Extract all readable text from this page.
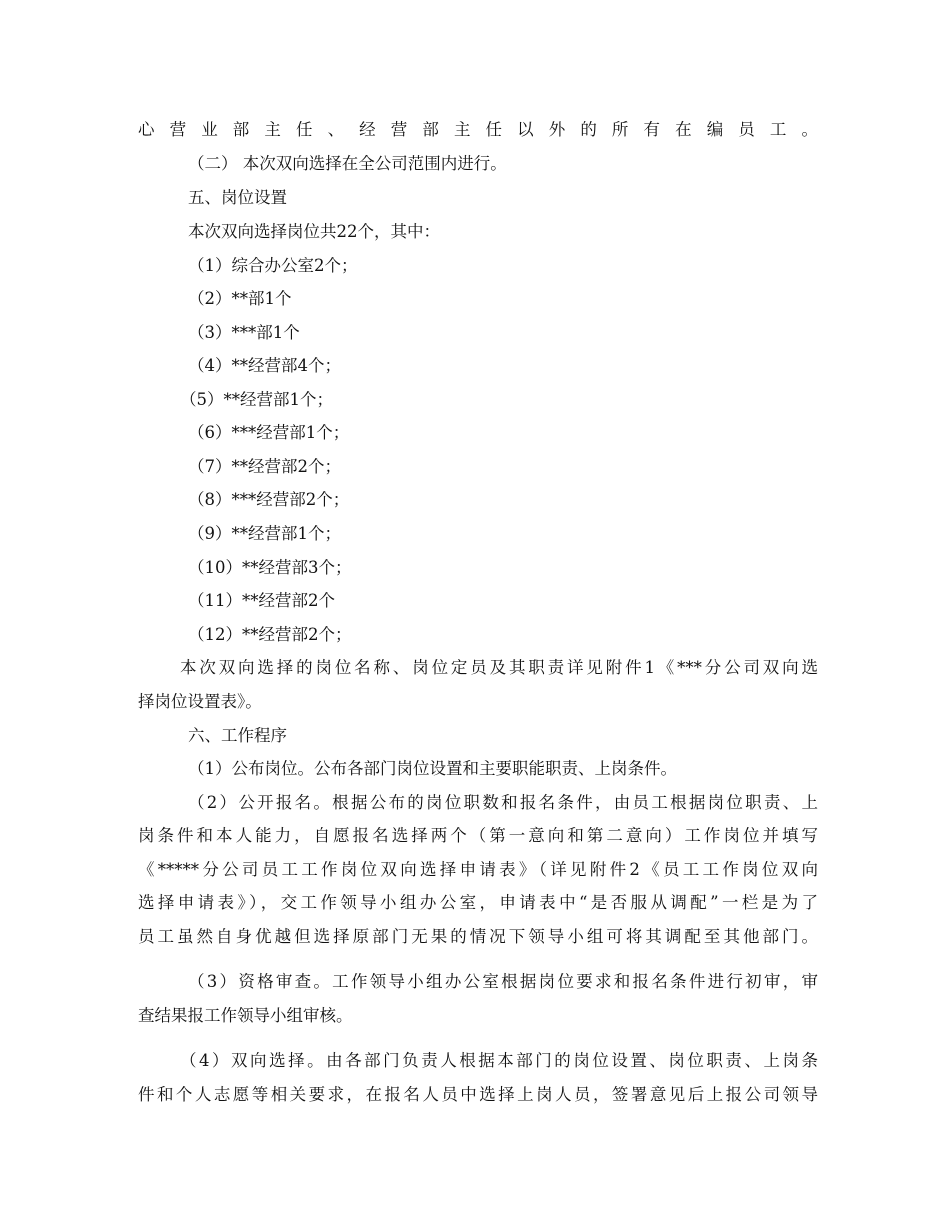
心营业部主任、经营部主任以外的所有在编员工。
（二） 本次双向选择在全公司范围内进行。
五、岗位设置
本次双向选择岗位共22个，其中：
（1）综合办公室2个；
（2）**部1个
（3）***部1个
（4）**经营部4个；
（5）**经营部1个；
（6）***经营部1个；
（7）**经营部2个；
（8）***经营部2个；
（9）**经营部1个；
（10）**经营部3个；
（11）**经营部2个
（12）**经营部2个；
本次双向选择的岗位名称、岗位定员及其职责详见附件1《***分公司双向选
择岗位设置表》。
六、工作程序
（1）公布岗位。公布各部门岗位设置和主要职能职责、上岗条件。
（2）公开报名。根据公布的岗位职数和报名条件，由员工根据岗位职责、上
岗条件和本人能力，自愿报名选择两个（第一意向和第二意向）工作岗位并填写
《*****分公司员工工作岗位双向选择申请表》（详见附件2《员工工作岗位双向
选择申请表》），交工作领导小组办公室，申请表中“是否服从调配”一栏是为了
员工虽然自身优越但选择原部门无果的情况下领导小组可将其调配至其他部门。
（3）资格审查。工作领导小组办公室根据岗位要求和报名条件进行初审，审
查结果报工作领导小组审核。
（4）双向选择。由各部门负责人根据本部门的岗位设置、岗位职责、上岗条
件和个人志愿等相关要求，在报名人员中选择上岗人员，签署意见后上报公司领导
